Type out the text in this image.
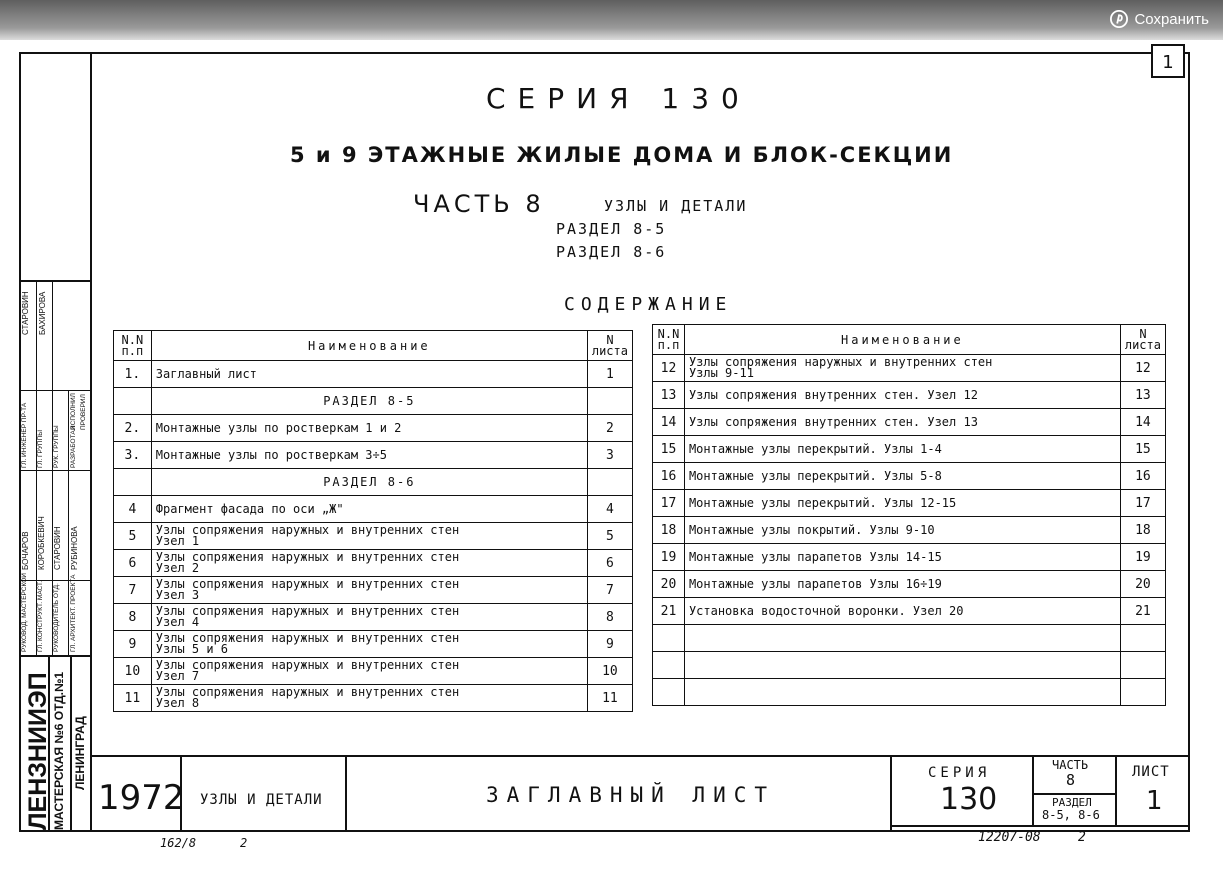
Сохранить
1
СЕРИЯ 130
5 и 9 ЭТАЖНЫЕ ЖИЛЫЕ ДОМА И БЛОК-СЕКЦИИ
ЧАСТЬ 8	УЗЛЫ И ДЕТАЛИ
РАЗДЕЛ 8-5
РАЗДЕЛ 8-6
СОДЕРЖАНИЕ
N.N п.п	Наименование	N листа
1.	Заглавный лист	1
	РАЗДЕЛ 8-5	
2.	Монтажные узлы по ростверкам 1 и 2	2
3.	Монтажные узлы по ростверкам 3÷5	3
	РАЗДЕЛ 8-6	
4	Фрагмент фасада по оси „Ж"	4
5	Узлы сопряжения наружных и внутренних стен
Узел 1	5
6	Узлы сопряжения наружных и внутренних стен
Узел 2	6
7	Узлы сопряжения наружных и внутренних стен
Узел 3	7
8	Узлы сопряжения наружных и внутренних стен
Узел 4	8
9	Узлы сопряжения наружных и внутренних стен
Узлы 5 и 6	9
10	Узлы сопряжения наружных и внутренних стен
Узел 7	10
11	Узлы сопряжения наружных и внутренних стен
Узел 8	11
N.N п.п	Наименование	N листа
12	Узлы сопряжения наружных и внутренних стен
Узлы 9-11	12
13	Узлы сопряжения внутренних стен. Узел 12	13
14	Узлы сопряжения внутренних стен. Узел 13	14
15	Монтажные узлы перекрытий. Узлы 1-4	15
16	Монтажные узлы перекрытий. Узлы 5-8	16
17	Монтажные узлы перекрытий. Узлы 12-15	17
18	Монтажные узлы покрытий. Узлы 9-10	18
19	Монтажные узлы парапетов Узлы 14-15	19
20	Монтажные узлы парапетов Узлы 16÷19	20
21	Установка водосточной воронки. Узел 20	21

1972 УЗЛЫ И ДЕТАЛИ	ЗАГЛАВНЫЙ ЛИСТ
СЕРИЯ
130
ЧАСТЬ
8
РАЗДЕЛ
8-5, 8-6
ЛИСТ
1
162/8	2	12207-08	2
ЛЕНЗНИИЭП МАСТЕРСКАЯ №6 ОТД.№1 ЛЕНИНГРАД
СТАРОВИН БАХИРОВА
БОЧАРОВ КОРОБКЕВИЧ СТАРОВИН РУБИНОВА
РУКОВОД. МАСТЕРСКОЙ ГЛ. КОНСТРУКТ. МАСТ. РУКОВОДИТЕЛЬ ОТД. ГЛ. АРХИТЕКТ. ПРОЕКТА
ГЛ. ИНЖЕНЕР ПР-ТА ГЛ. ГРУППЫ РУК. ГРУППЫ РАЗРАБОТАЛ
ИСПОЛНИЛ ПРОВЕРИЛ
